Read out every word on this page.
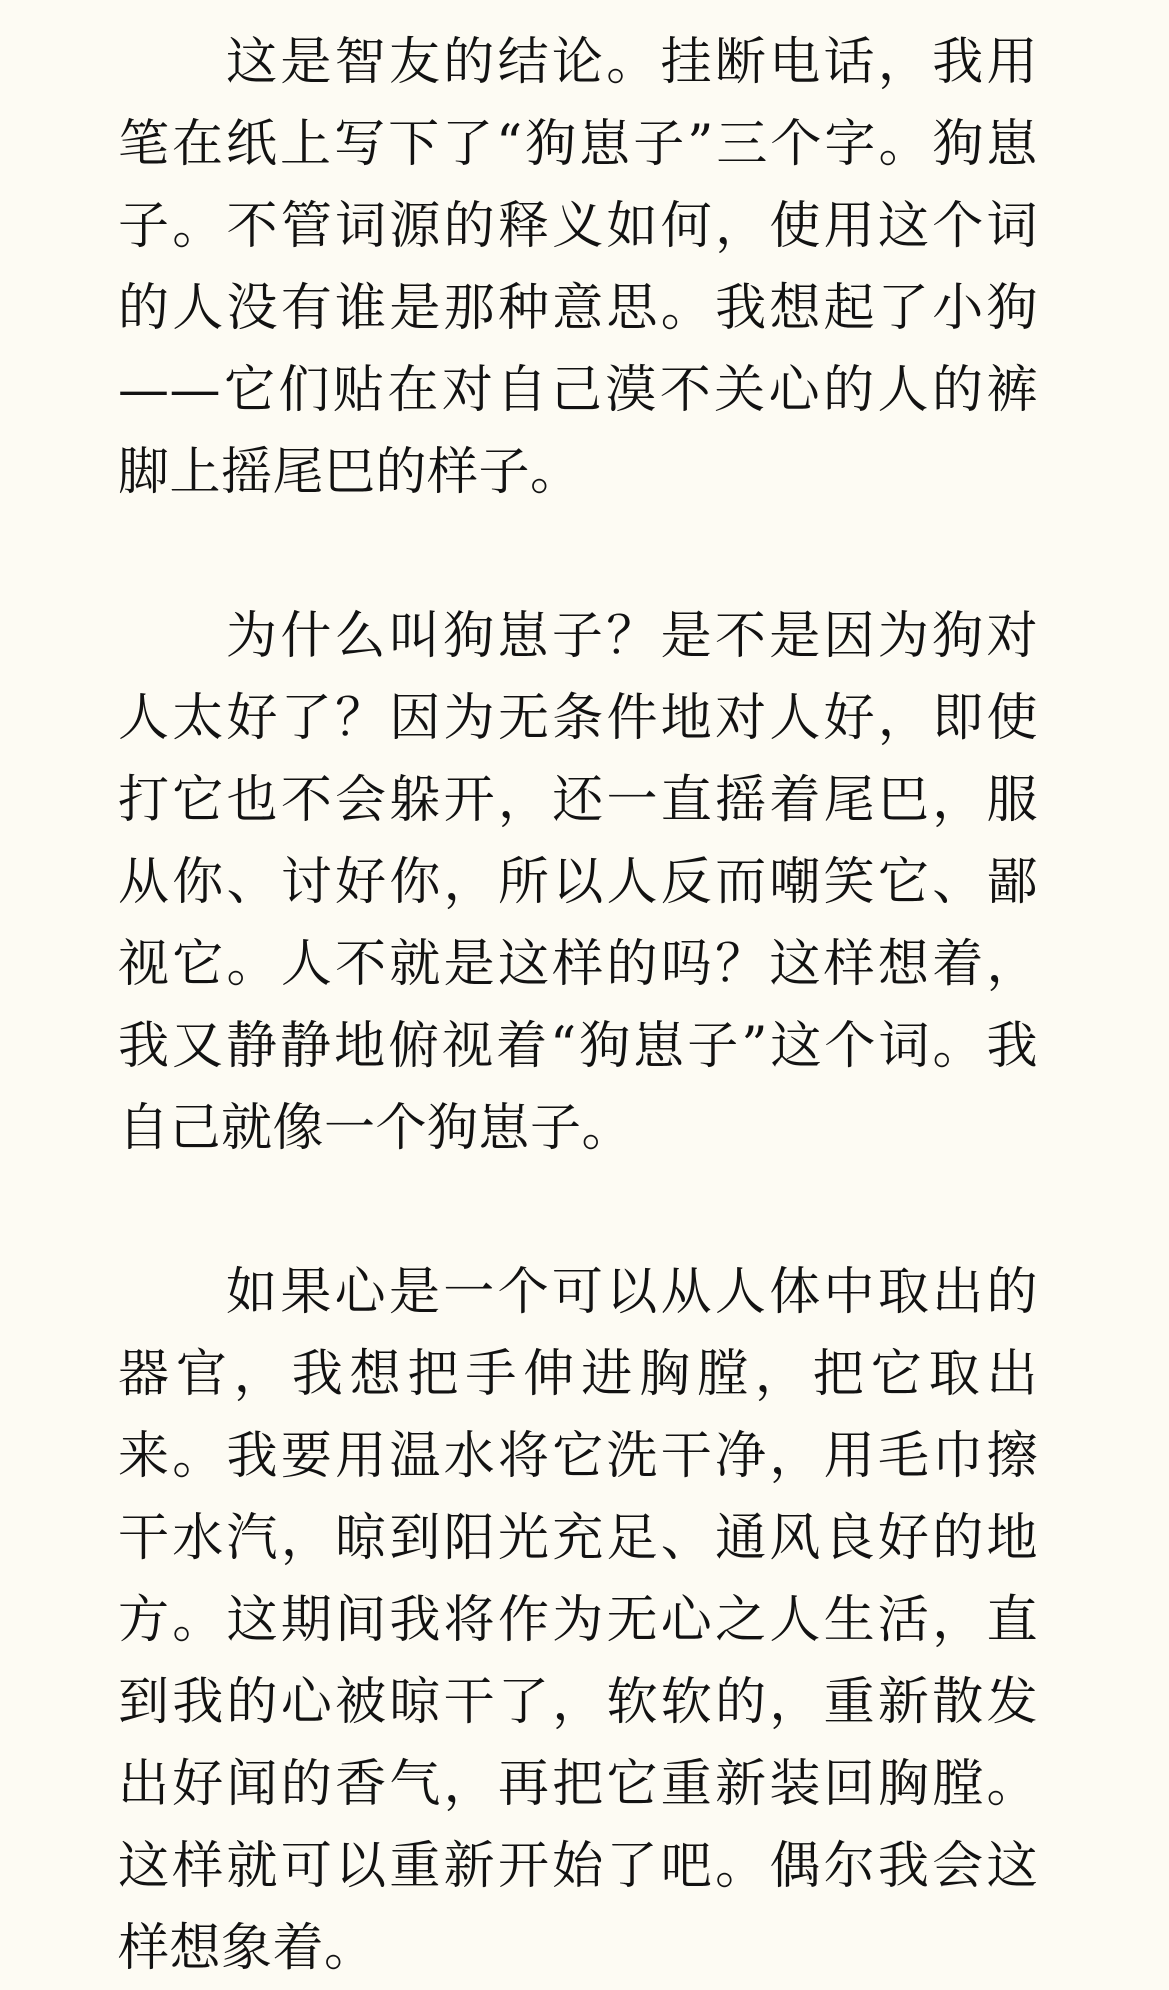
这是智友的结论。挂断电话，我用
笔在纸上写下了“狗崽子”三个字。狗崽
子。不管词源的释义如何，使用这个词
的人没有谁是那种意思。我想起了小狗
——它们贴在对自己漠不关心的人的裤
脚上摇尾巴的样子。

为什么叫狗崽子？是不是因为狗对
人太好了？因为无条件地对人好，即使
打它也不会躲开，还一直摇着尾巴，服
从你、讨好你，所以人反而嘲笑它、鄙
视它。人不就是这样的吗？这样想着，
我又静静地俯视着“狗崽子”这个词。我
自己就像一个狗崽子。

如果心是一个可以从人体中取出的
器官，我想把手伸进胸膛，把它取出
来。我要用温水将它洗干净，用毛巾擦
干水汽，晾到阳光充足、通风良好的地
方。这期间我将作为无心之人生活，直
到我的心被晾干了，软软的，重新散发
出好闻的香气，再把它重新装回胸膛。
这样就可以重新开始了吧。偶尔我会这
样想象着。
